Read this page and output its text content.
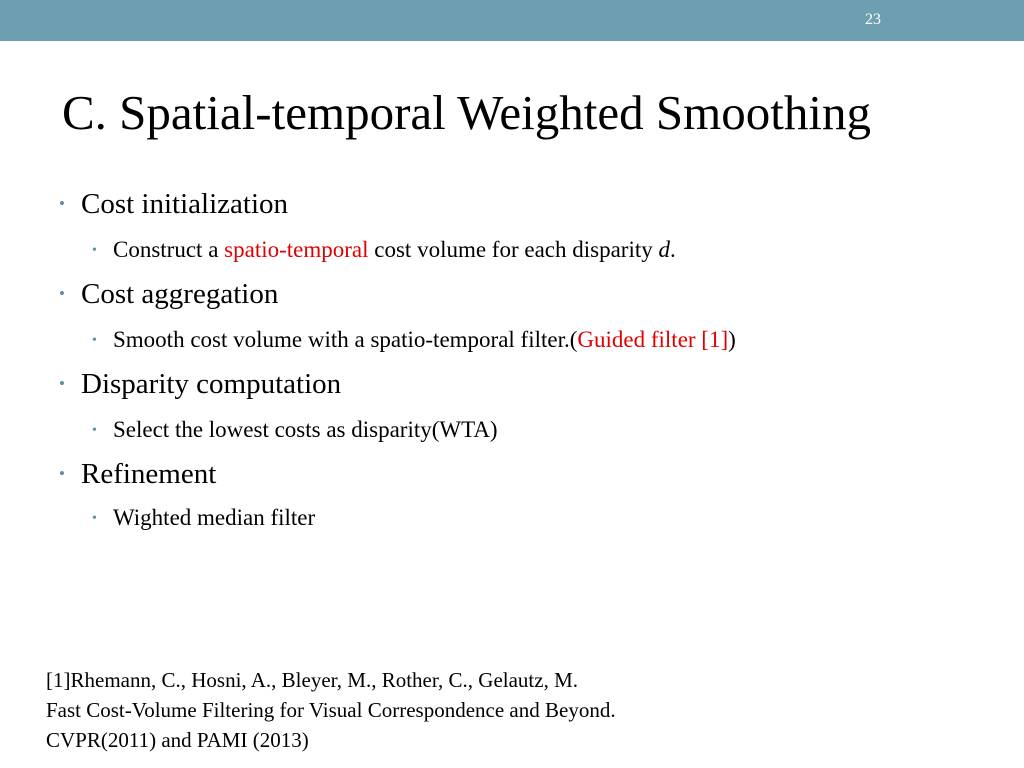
23
C. Spatial-temporal Weighted Smoothing
• Cost initialization
• Construct a spatio-temporal cost volume for each disparity d.
• Cost aggregation
• Smooth cost volume with a spatio-temporal filter.(Guided filter [1])
• Disparity computation
• Select the lowest costs as disparity(WTA)
• Refinement
• Wighted median filter
[1]Rhemann, C., Hosni, A., Bleyer, M., Rother, C., Gelautz, M.
Fast Cost-Volume Filtering for Visual Correspondence and Beyond.
CVPR(2011) and PAMI (2013)
